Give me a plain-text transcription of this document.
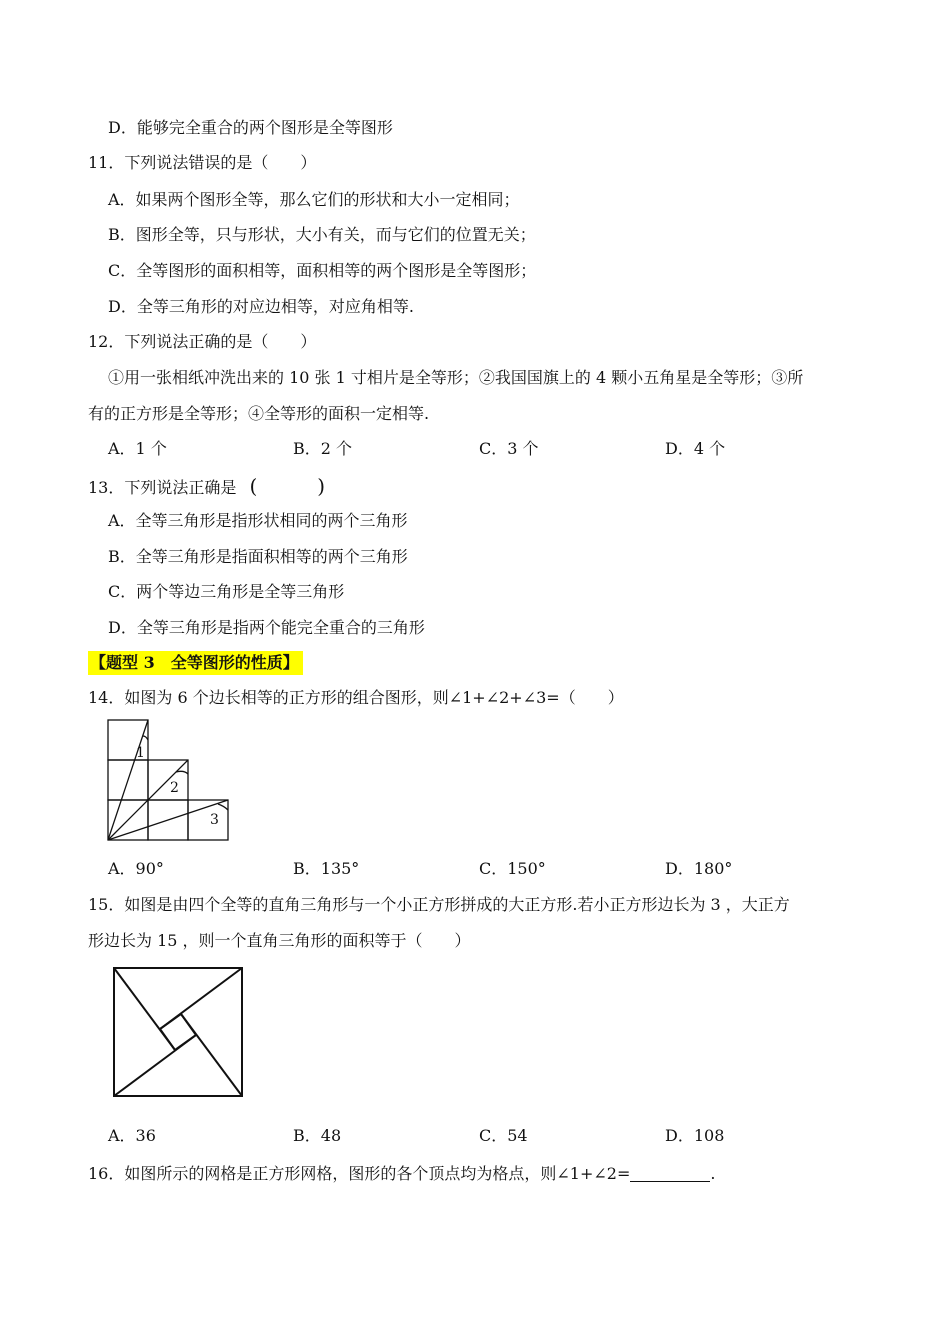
D．能够完全重合的两个图形是全等图形
11．下列说法错误的是（　　）
A．如果两个图形全等，那么它们的形状和大小一定相同；
B．图形全等，只与形状，大小有关，而与它们的位置无关；
C．全等图形的面积相等，面积相等的两个图形是全等图形；
D．全等三角形的对应边相等，对应角相等.
12．下列说法正确的是（　　）
①用一张相纸冲洗出来的 10 张 1 寸相片是全等形；②我国国旗上的 4 颗小五角星是全等形；③所
有的正方形是全等形；④全等形的面积一定相等.
A．1 个	B．2 个	C．3 个	D．4 个
13．下列说法正确是 (　　　)
A．全等三角形是指形状相同的两个三角形
B．全等三角形是指面积相等的两个三角形
C．两个等边三角形是全等三角形
D．全等三角形是指两个能完全重合的三角形
【题型 3　全等图形的性质】
14．如图为 6 个边长相等的正方形的组合图形，则∠1+∠2+∠3=（　　）
1
2
3
A．90°	B．135°	C．150°	D．180°
15．如图是由四个全等的直角三角形与一个小正方形拼成的大正方形.若小正方形边长为 3 ，大正方
形边长为 15 ，则一个直角三角形的面积等于（　　）
A．36	B．48	C．54	D．108
16．如图所示的网格是正方形网格，图形的各个顶点均为格点，则∠1+∠2=	.
